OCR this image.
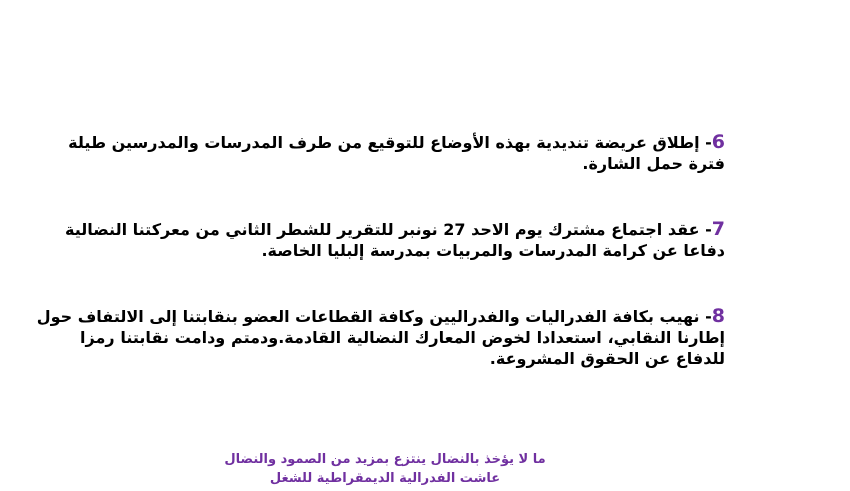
6- إطلاق عريضة تنديدية بهذه الأوضاع للتوقيع من طرف المدرسات والمدرسين طيلة
فترة حمل الشارة.
7- عقد اجتماع مشترك يوم الاحد 27 نونبر للتقرير للشطر الثاني من معركتنا النضالية
دفاعا عن كرامة المدرسات والمربيات بمدرسة إلبليا الخاصة.
8- نهيب بكافة الفدراليات والفدراليين وكافة القطاعات العضو بنقابتنا إلى الالتفاف حول
إطارنا النقابي، استعدادا لخوض المعارك النضالية القادمة.ودمتم ودامت نقابتنا رمزا
للدفاع عن الحقوق المشروعة.
ما لا يؤخذ بالنضال ينتزع بمزيد من الصمود والنضال
عاشت الفدرالية الديمقراطية للشغل
